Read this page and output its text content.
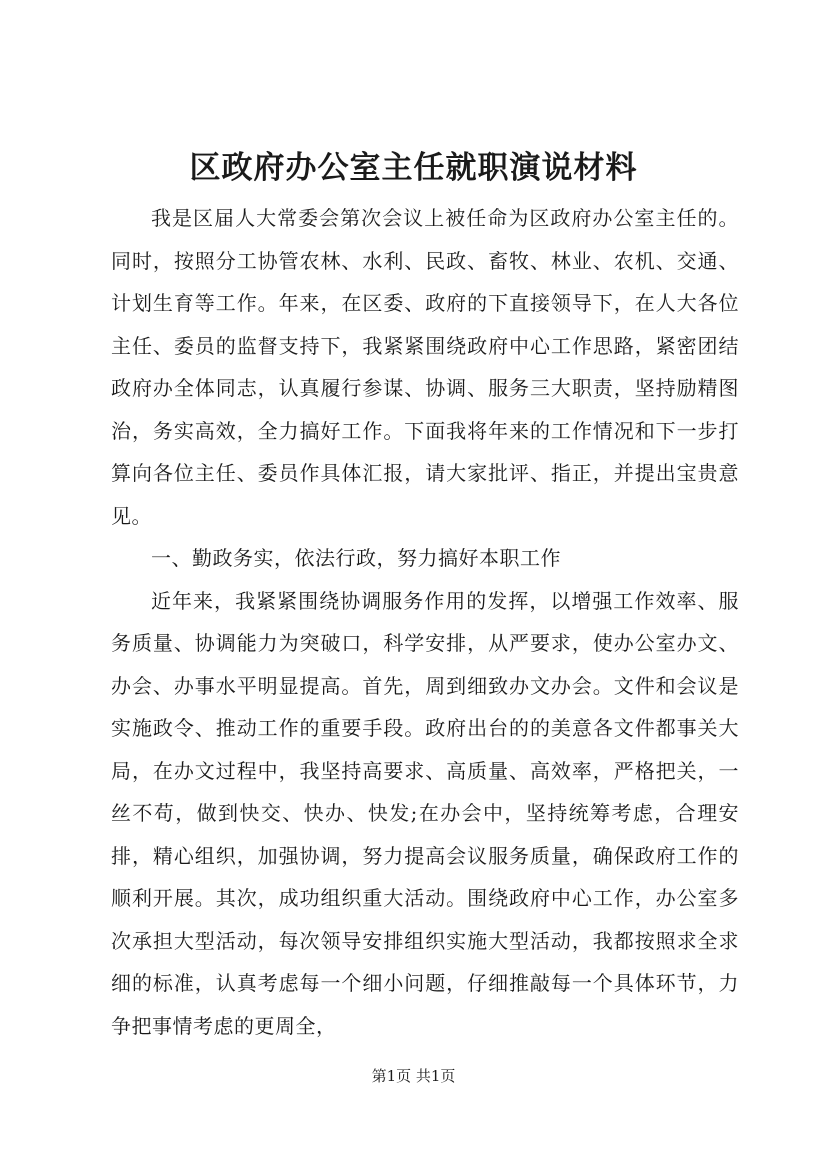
区政府办公室主任就职演说材料

我是区届人大常委会第次会议上被任命为区政府办公室主任的。同时，按照分工协管农林、水利、民政、畜牧、林业、农机、交通、计划生育等工作。年来，在区委、政府的下直接领导下，在人大各位主任、委员的监督支持下，我紧紧围绕政府中心工作思路，紧密团结政府办全体同志，认真履行参谋、协调、服务三大职责，坚持励精图治，务实高效，全力搞好工作。下面我将年来的工作情况和下一步打算向各位主任、委员作具体汇报，请大家批评、指正，并提出宝贵意见。

一、勤政务实，依法行政，努力搞好本职工作

近年来，我紧紧围绕协调服务作用的发挥，以增强工作效率、服务质量、协调能力为突破口，科学安排，从严要求，使办公室办文、办会、办事水平明显提高。首先，周到细致办文办会。文件和会议是实施政令、推动工作的重要手段。政府出台的的美意各文件都事关大局，在办文过程中，我坚持高要求、高质量、高效率，严格把关，一丝不苟，做到快交、快办、快发;在办会中，坚持统筹考虑，合理安排，精心组织，加强协调，努力提高会议服务质量，确保政府工作的顺利开展。其次，成功组织重大活动。围绕政府中心工作，办公室多次承担大型活动，每次领导安排组织实施大型活动，我都按照求全求细的标准，认真考虑每一个细小问题，仔细推敲每一个具体环节，力争把事情考虑的更周全，

第1页 共1页
